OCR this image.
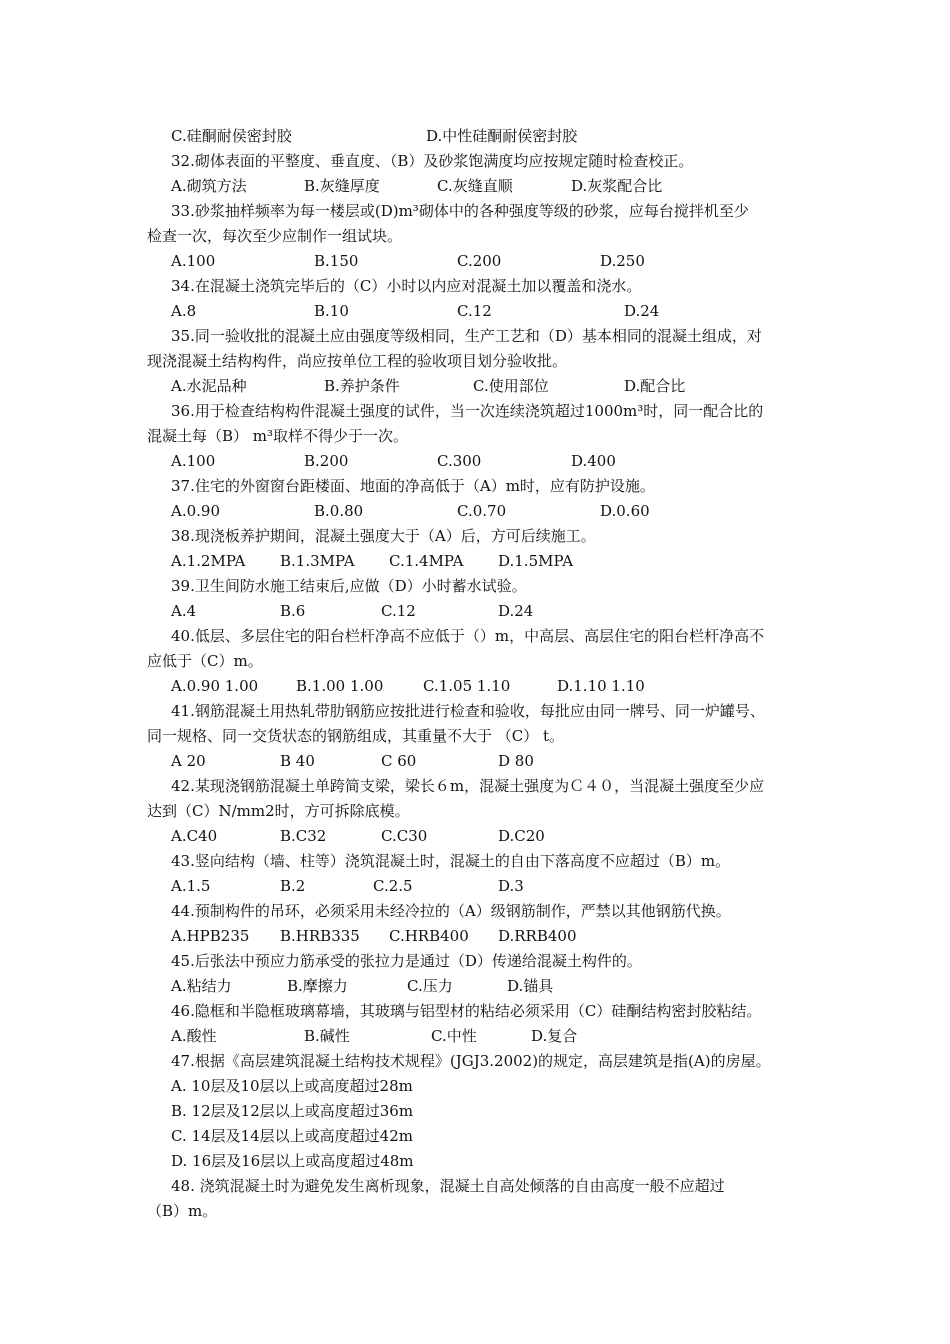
C.硅酮耐侯密封胶	D.中性硅酮耐侯密封胶
32.砌体表面的平整度、垂直度、（B）及砂浆饱满度均应按规定随时检查校正。
A.砌筑方法	B.灰缝厚度	C.灰缝直顺	D.灰浆配合比
33.砂浆抽样频率为每一楼层或(D)m³砌体中的各种强度等级的砂浆，应每台搅拌机至少
检查一次，每次至少应制作一组试块。
A.100	B.150	C.200	D.250
34.在混凝土浇筑完毕后的（C）小时以内应对混凝土加以覆盖和浇水。
A.8	B.10	C.12	D.24
35.同一验收批的混凝土应由强度等级相同，生产工艺和（D）基本相同的混凝土组成，对
现浇混凝土结构构件，尚应按单位工程的验收项目划分验收批。
A.水泥品种	B.养护条件	C.使用部位	D.配合比
36.用于检查结构构件混凝土强度的试件，当一次连续浇筑超过1000m³时，同一配合比的
混凝土每（B） m³取样不得少于一次。
A.100	B.200	C.300	D.400
37.住宅的外窗窗台距楼面、地面的净高低于（A）m时，应有防护设施。
A.0.90	B.0.80	C.0.70	D.0.60
38.现浇板养护期间，混凝土强度大于（A）后，方可后续施工。
A.1.2MPA B.1.3MPA C.1.4MPA D.1.5MPA
39.卫生间防水施工结束后,应做（D）小时蓄水试验。
A.4	B.6	C.12	D.24
40.低层、多层住宅的阳台栏杆净高不应低于（）m，中高层、高层住宅的阳台栏杆净高不
应低于（C）m。
A.0.90 1.00	B.1.00 1.00	C.1.05 1.10	D.1.10 1.10
41.钢筋混凝土用热轧带肋钢筋应按批进行检查和验收，每批应由同一牌号、同一炉罐号、
同一规格、同一交货状态的钢筋组成，其重量不大于 （C） t。
A 20	B 40	C 60	D 80
42.某现浇钢筋混凝土单跨简支梁，梁长６m，混凝土强度为Ｃ４０，当混凝土强度至少应
达到（C）N/mm2时，方可拆除底模。
A.C40	B.C32	C.C30	D.C20
43.竖向结构（墙、柱等）浇筑混凝土时，混凝土的自由下落高度不应超过（B）m。
A.1.5	B.2	C.2.5	D.3
44.预制构件的吊环，必须采用未经冷拉的（A）级钢筋制作，严禁以其他钢筋代换。
A.HPB235 B.HRB335 C.HRB400 D.RRB400
45.后张法中预应力筋承受的张拉力是通过（D）传递给混凝土构件的。
A.粘结力	B.摩擦力	C.压力	D.锚具
46.隐框和半隐框玻璃幕墙，其玻璃与铝型材的粘结必须采用（C）硅酮结构密封胶粘结。
A.酸性	B.碱性	C.中性	D.复合
47.根据《高层建筑混凝土结构技术规程》(JGJ3.2002)的规定，高层建筑是指(A)的房屋。
A. 10层及10层以上或高度超过28m
B. 12层及12层以上或高度超过36m
C. 14层及14层以上或高度超过42m
D. 16层及16层以上或高度超过48m
48. 浇筑混凝土时为避免发生离析现象，混凝土自高处倾落的自由高度一般不应超过
（B）m。
